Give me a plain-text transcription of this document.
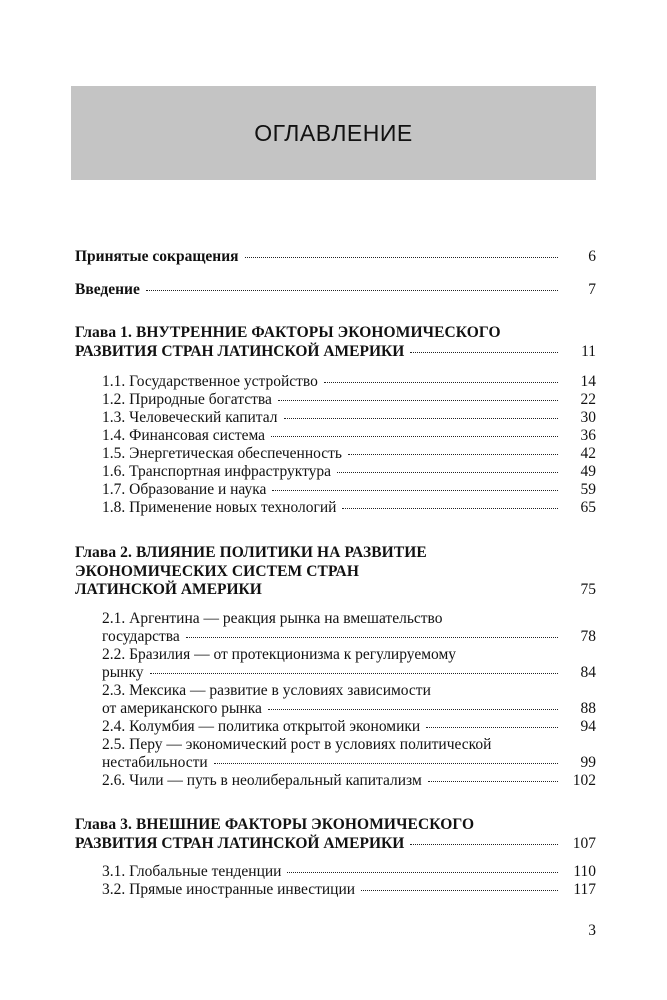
ОГЛАВЛЕНИЕ
Принятые сокращения	6
Введение	7
Глава 1. ВНУТРЕННИЕ ФАКТОРЫ ЭКОНОМИЧЕСКОГО
РАЗВИТИЯ СТРАН ЛАТИНСКОЙ АМЕРИКИ	11
1.1. Государственное устройство	14
1.2. Природные богатства	22
1.3. Человеческий капитал	30
1.4. Финансовая система	36
1.5. Энергетическая обеспеченность	42
1.6. Транспортная инфраструктура	49
1.7. Образование и наука	59
1.8. Применение новых технологий	65
Глава 2. ВЛИЯНИЕ ПОЛИТИКИ НА РАЗВИТИЕ
ЭКОНОМИЧЕСКИХ СИСТЕМ СТРАН
ЛАТИНСКОЙ АМЕРИКИ	75
2.1. Аргентина — реакция рынка на вмешательство
государства	78
2.2. Бразилия — от протекционизма к регулируемому
рынку	84
2.3. Мексика — развитие в условиях зависимости
от американского рынка	88
2.4. Колумбия — политика открытой экономики	94
2.5. Перу — экономический рост в условиях политической
нестабильности	99
2.6. Чили — путь в неолиберальный капитализм	102
Глава 3. ВНЕШНИЕ ФАКТОРЫ ЭКОНОМИЧЕСКОГО
РАЗВИТИЯ СТРАН ЛАТИНСКОЙ АМЕРИКИ	107
3.1. Глобальные тенденции	110
3.2. Прямые иностранные инвестиции	117
3
